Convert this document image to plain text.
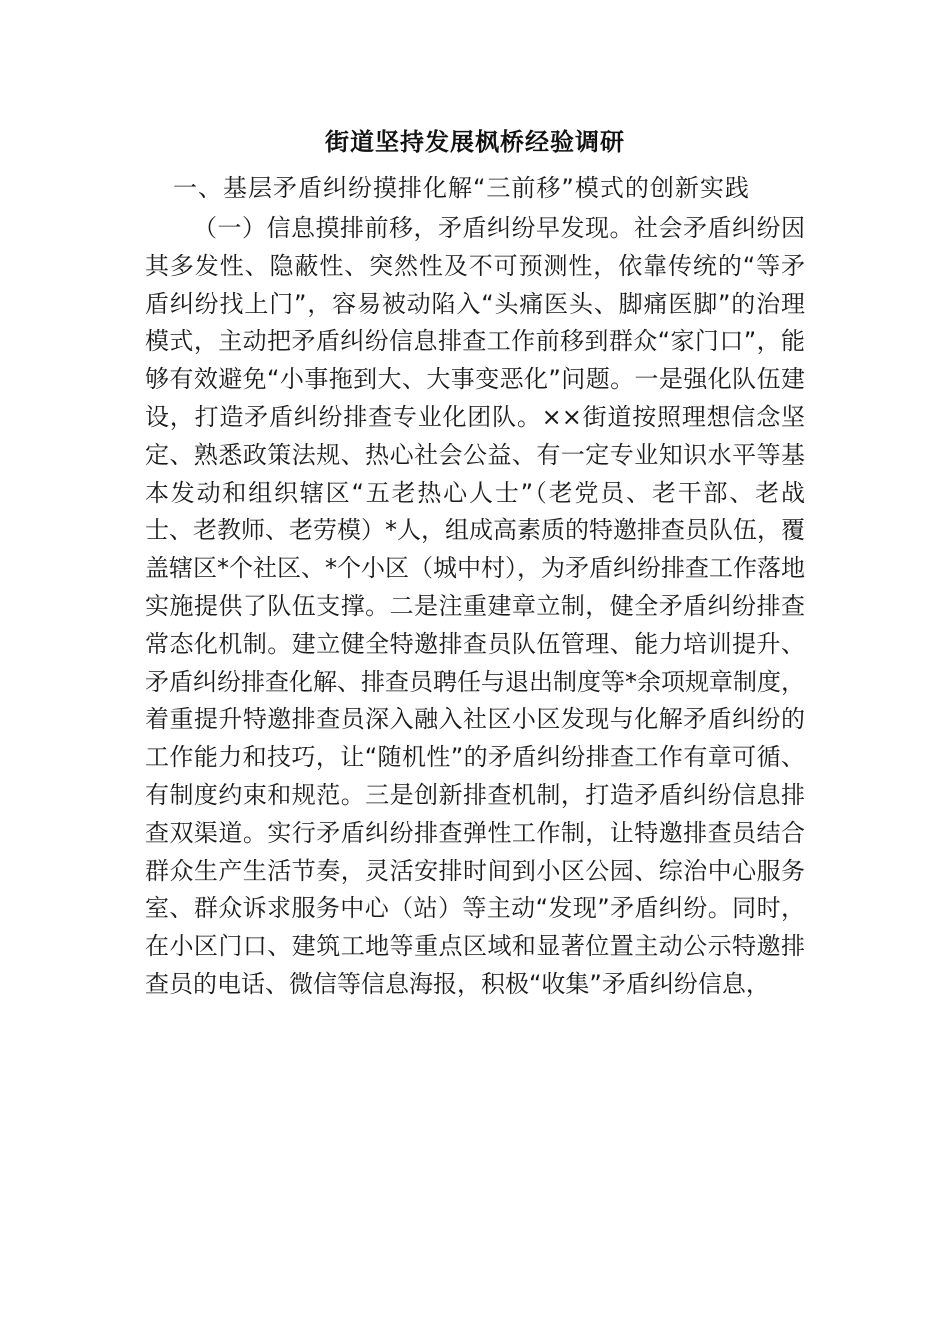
街道坚持发展枫桥经验调研
一、基层矛盾纠纷摸排化解“三前移”模式的创新实践

（一）信息摸排前移，矛盾纠纷早发现。社会矛盾纠纷因其多发性、隐蔽性、突然性及不可预测性，依靠传统的“等矛盾纠纷找上门”，容易被动陷入“头痛医头、脚痛医脚”的治理模式，主动把矛盾纠纷信息排查工作前移到群众“家门口”，能够有效避免“小事拖到大、大事变恶化”问题。一是强化队伍建设，打造矛盾纠纷排查专业化团队。××街道按照理想信念坚定、熟悉政策法规、热心社会公益、有一定专业知识水平等基本发动和组织辖区“五老热心人士”（老党员、老干部、老战士、老教师、老劳模）*人，组成高素质的特邀排查员队伍，覆盖辖区*个社区、*个小区（城中村），为矛盾纠纷排查工作落地实施提供了队伍支撑。二是注重建章立制，健全矛盾纠纷排查常态化机制。建立健全特邀排查员队伍管理、能力培训提升、矛盾纠纷排查化解、排查员聘任与退出制度等*余项规章制度，着重提升特邀排查员深入融入社区小区发现与化解矛盾纠纷的工作能力和技巧，让“随机性”的矛盾纠纷排查工作有章可循、有制度约束和规范。三是创新排查机制，打造矛盾纠纷信息排查双渠道。实行矛盾纠纷排查弹性工作制，让特邀排查员结合群众生产生活节奏，灵活安排时间到小区公园、综治中心服务室、群众诉求服务中心（站）等主动“发现”矛盾纠纷。同时，在小区门口、建筑工地等重点区域和显著位置主动公示特邀排查员的电话、微信等信息海报，积极“收集”矛盾纠纷信息，
